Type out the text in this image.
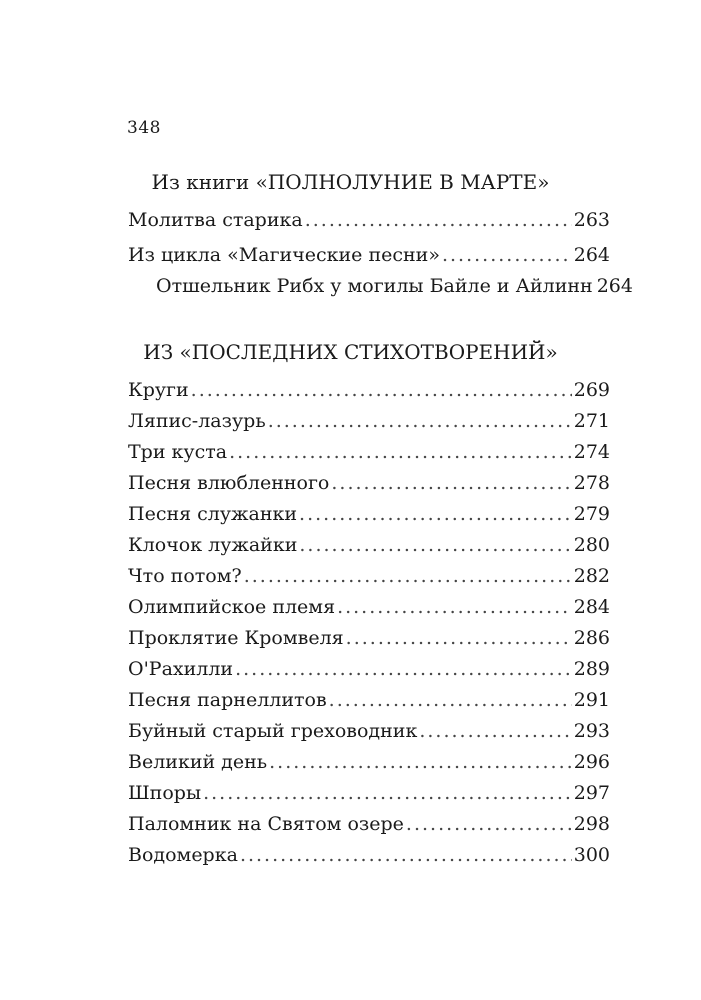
348
Из книги «ПОЛНОЛУНИЕ В МАРТЕ»
Молитва старика .....	263
Из цикла «Магические песни» .....	264
Отшельник Рибх у могилы Байле и Айлинн 264
ИЗ «ПОСЛЕДНИХ СТИХОТВОРЕНИЙ»
Круги .....	269
Ляпис-лазурь .....	271
Три куста .....	274
Песня влюбленного .....	278
Песня служанки .....	279
Клочок лужайки .....	280
Что потом? .....	282
Олимпийское племя .....	284
Проклятие Кромвеля .....	286
О'Рахилли .....	289
Песня парнеллитов .....	291
Буйный старый греховодник .....	293
Великий день .....	296
Шпоры .....	297
Паломник на Святом озере .....	298
Водомерка .....	300
